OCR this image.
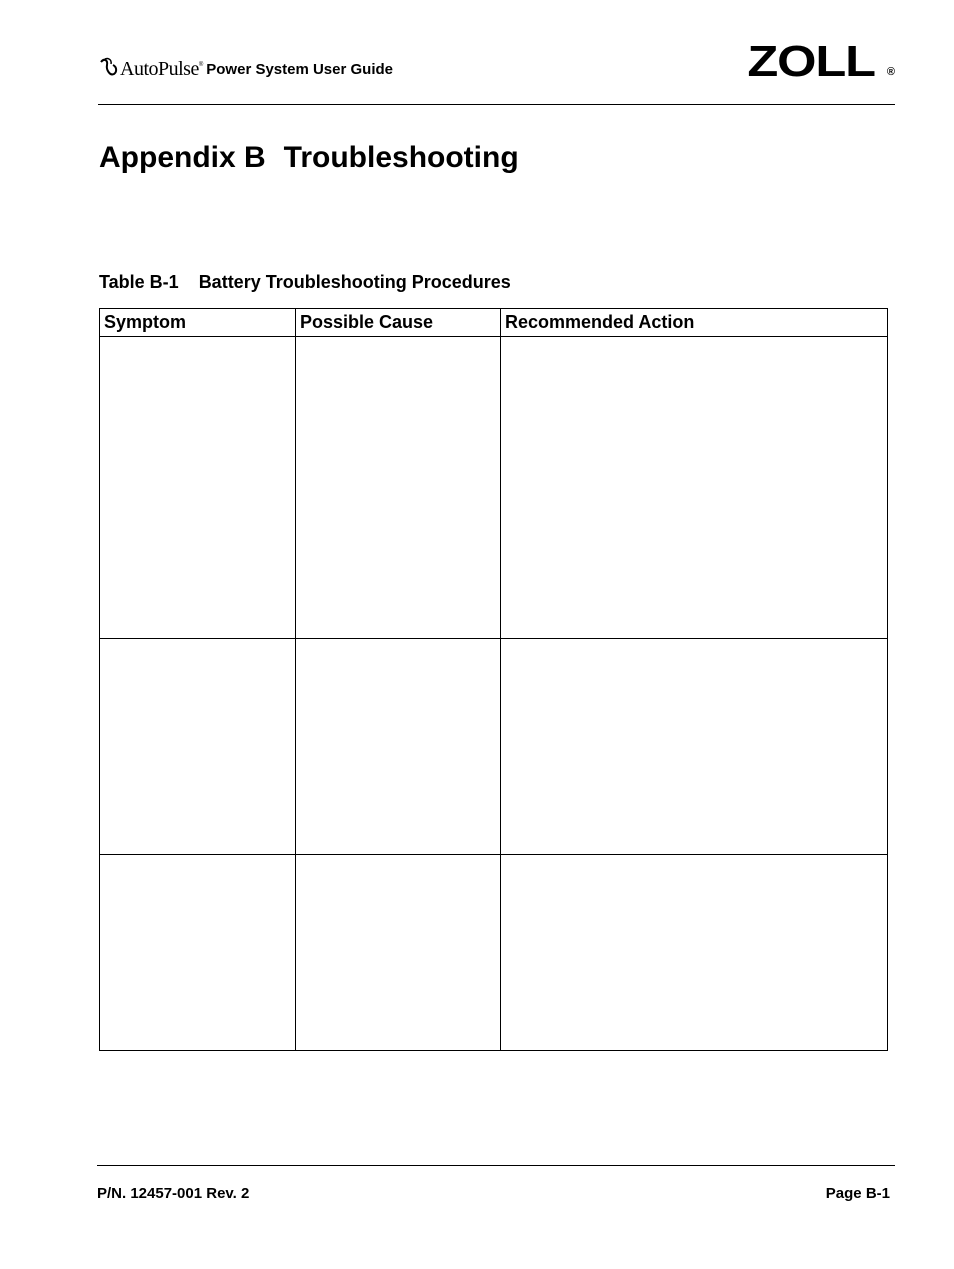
AutoPulse ® Power System User Guide	ZOLL ®
Appendix B Troubleshooting
Table B-1 Battery Troubleshooting Procedures
Symptom	Possible Cause	Recommended Action

P/N. 12457-001 Rev. 2	Page B-1
